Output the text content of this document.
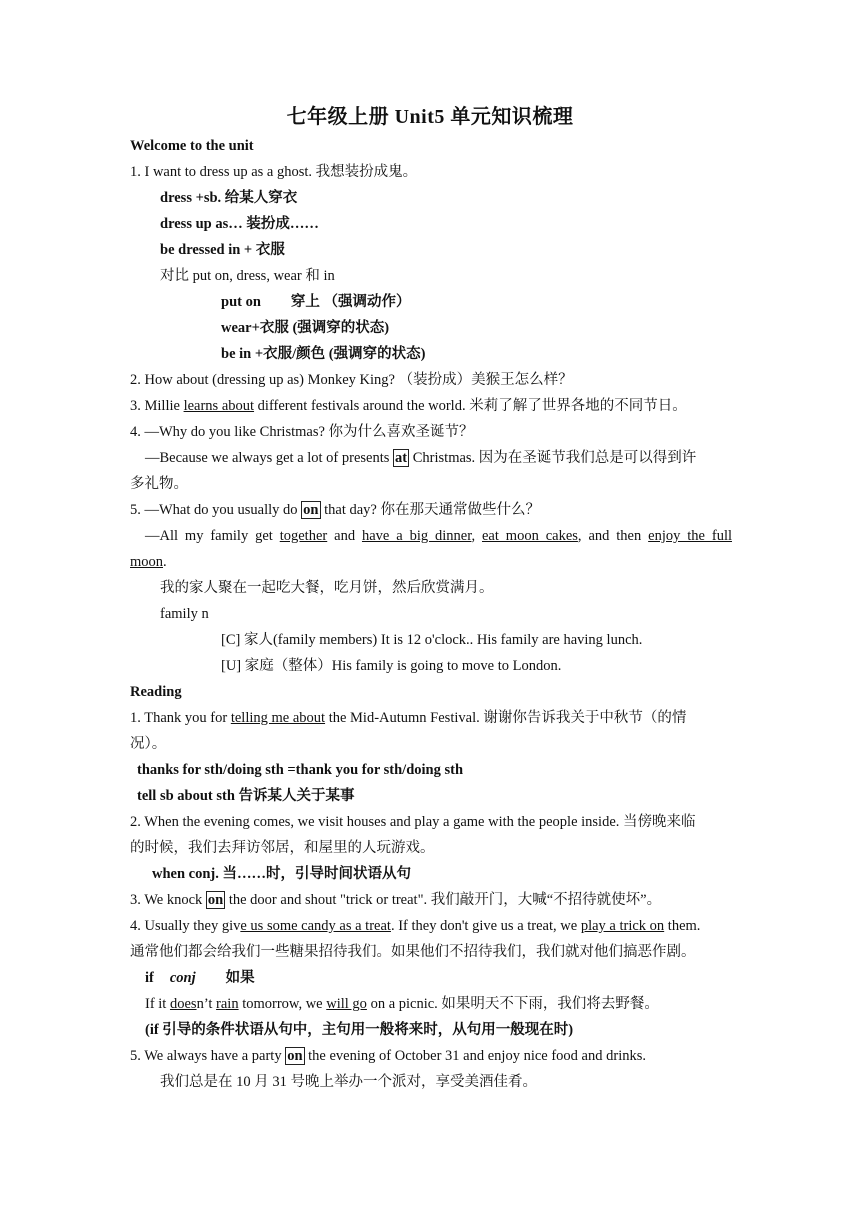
七年级上册 Unit5 单元知识梳理
Welcome to the unit
1. I want to dress up as a ghost. 我想装扮成鬼。
dress +sb. 给某人穿衣
dress up as… 装扮成……
be dressed in + 衣服
对比 put on, dress, wear 和 in
put on 穿上 （强调动作）
wear+衣服 (强调穿的状态)
be in +衣服/颜色 (强调穿的状态)
2. How about (dressing up as) Monkey King? （装扮成）美猴王怎么样？
3. Millie learns about different festivals around the world. 米莉了解了世界各地的不同节日。
4. —Why do you like Christmas? 你为什么喜欢圣诞节？
—Because we always get a lot of presents at Christmas. 因为在圣诞节我们总是可以得到许
多礼物。
5. —What do you usually do on that day? 你在那天通常做些什么？
—All my family get together and have a big dinner, eat moon cakes, and then enjoy the full
moon.
我的家人聚在一起吃大餐，吃月饼，然后欣赏满月。
family n
[C] 家人(family members) It is 12 o'clock.. His family are having lunch.
[U] 家庭（整体）His family is going to move to London.
Reading
1. Thank you for telling me about the Mid-Autumn Festival. 谢谢你告诉我关于中秋节（的情
况）。
thanks for sth/doing sth =thank you for sth/doing sth
tell sb about sth 告诉某人关于某事
2. When the evening comes, we visit houses and play a game with the people inside. 当傍晚来临
的时候，我们去拜访邻居，和屋里的人玩游戏。
when conj. 当……时，引导时间状语从句
3. We knock on the door and shout "trick or treat". 我们敲开门，大喊“不招待就使坏”。
4. Usually they give us some candy as a treat. If they don't give us a treat, we play a trick on them.
通常他们都会给我们一些糖果招待我们。如果他们不招待我们，我们就对他们搞恶作剧。
if conj 如果
If it doesn’t rain tomorrow, we will go on a picnic. 如果明天不下雨，我们将去野餐。
(if 引导的条件状语从句中，主句用一般将来时，从句用一般现在时)
5. We always have a party on the evening of October 31 and enjoy nice food and drinks.
我们总是在 10 月 31 号晚上举办一个派对，享受美酒佳肴。
